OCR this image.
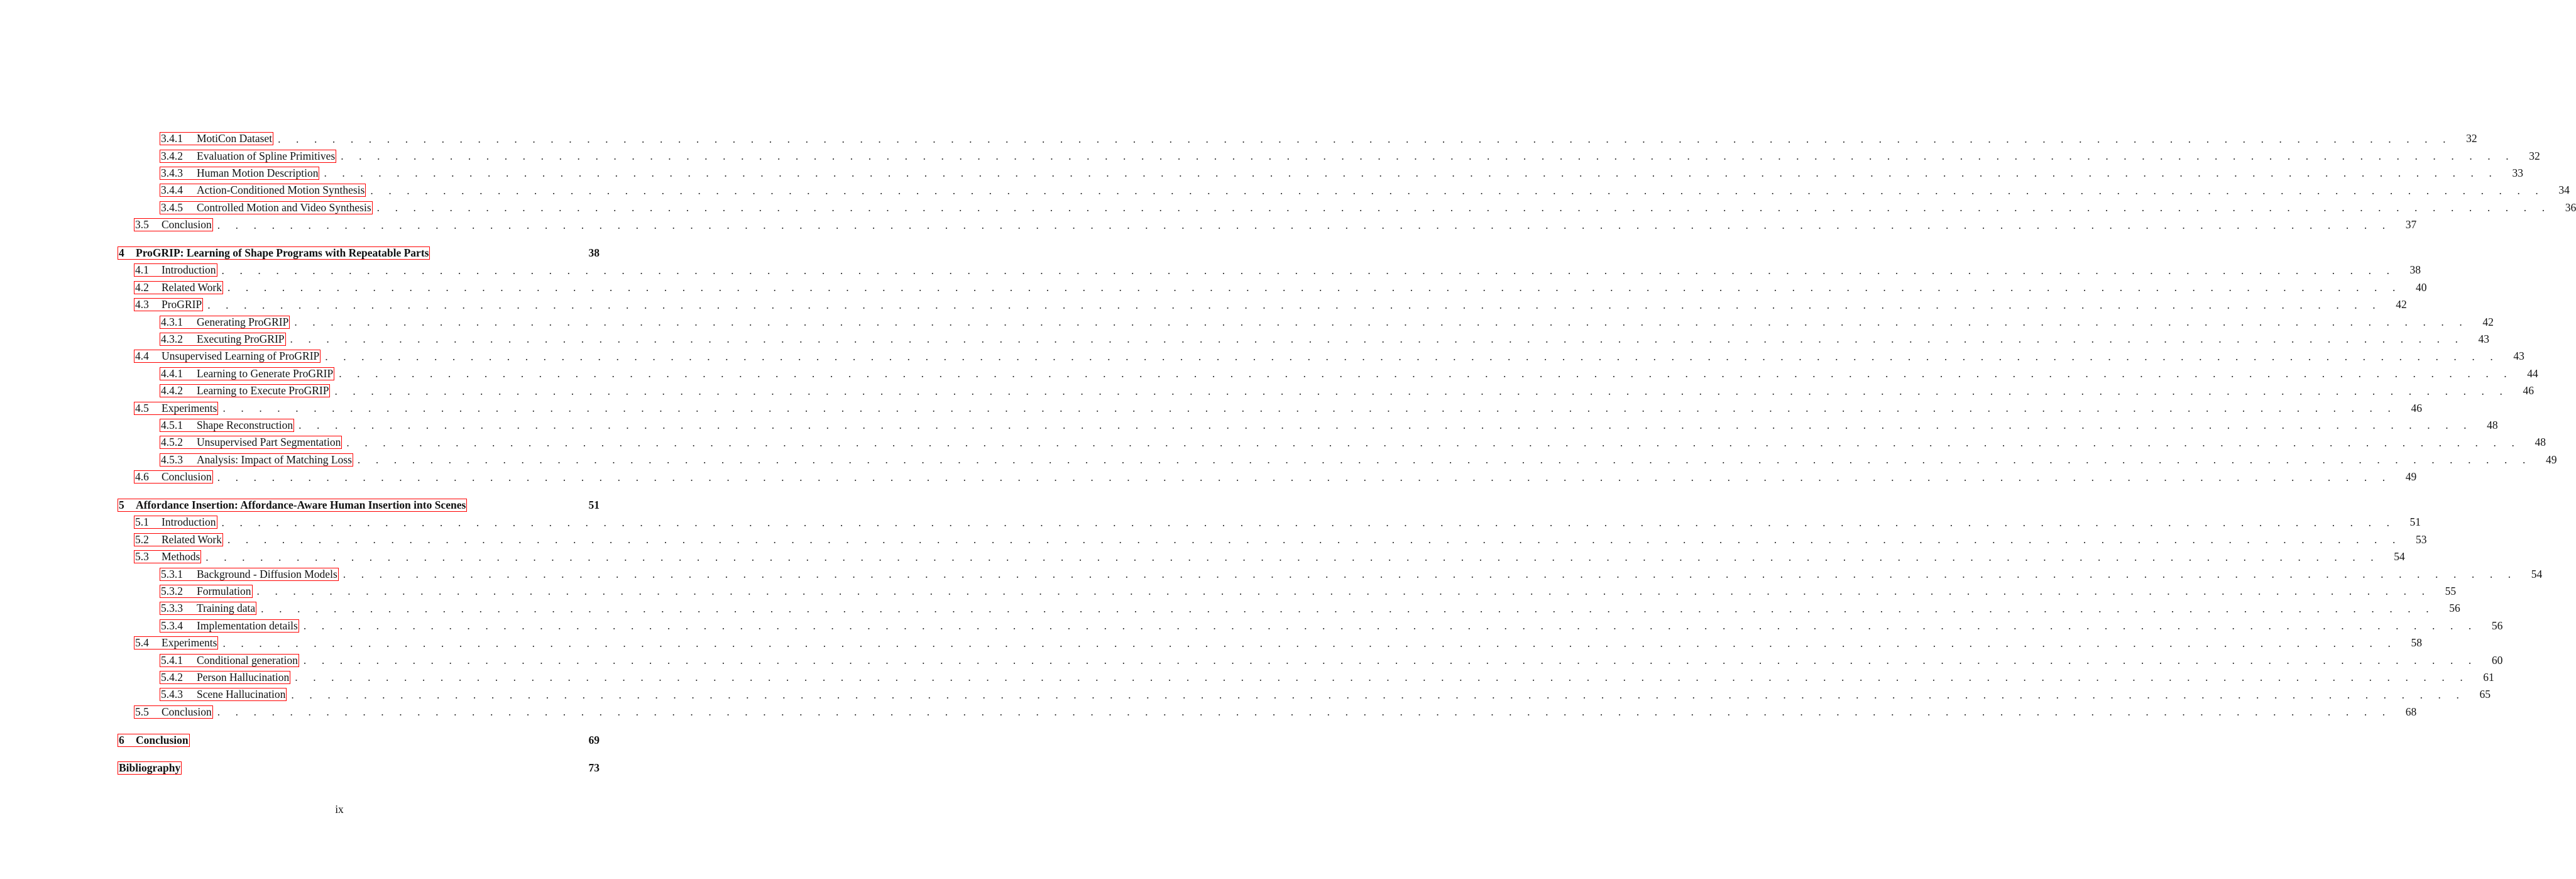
3.4.1	MotiCon Dataset . . . . . . . . . . . . . . . . . . . . . . . . . . . . . . . . . . . . . . . . . . . . . . . . . . . . . . . . . . . . . . . . . . . . . . . . . . . . . . . . . . . . . . . . . . . . . . . . . . . . . . . . . . . . . . . . . . . . . . . .	32
3.4.2	Evaluation of Spline Primitives . . . . . . . . . . . . . . . . . . . . . . . . . . . . . . . . . . . . . . . . . . . . . . . . . . . . . . . . . . . . . . . . . . . . . . . . . . . . . . . . . . . . . . . . . . . . . . . . . . . . . . . . . . . . . . . . . . . . . . . .	32
3.4.3	Human Motion Description . . . . . . . . . . . . . . . . . . . . . . . . . . . . . . . . . . . . . . . . . . . . . . . . . . . . . . . . . . . . . . . . . . . . . . . . . . . . . . . . . . . . . . . . . . . . . . . . . . . . . . . . . . . . . . . . . . . . . . . .	33
3.4.4	Action-Conditioned Motion Synthesis . . . . . . . . . . . . . . . . . . . . . . . . . . . . . . . . . . . . . . . . . . . . . . . . . . . . . . . . . . . . . . . . . . . . . . . . . . . . . . . . . . . . . . . . . . . . . . . . . . . . . . . . . . . . . . . . . . . . . . . .	34
3.4.5	Controlled Motion and Video Synthesis . . . . . . . . . . . . . . . . . . . . . . . . . . . . . . . . . . . . . . . . . . . . . . . . . . . . . . . . . . . . . . . . . . . . . . . . . . . . . . . . . . . . . . . . . . . . . . . . . . . . . . . . . . . . . . . . . . . . . . . .	36
3.5	Conclusion . . . . . . . . . . . . . . . . . . . . . . . . . . . . . . . . . . . . . . . . . . . . . . . . . . . . . . . . . . . . . . . . . . . . . . . . . . . . . . . . . . . . . . . . . . . . . . . . . . . . . . . . . . . . . . . . . . . . . . . .	37
4	ProGRIP: Learning of Shape Programs with Repeatable Parts	38
4.1	Introduction . . . . . . . . . . . . . . . . . . . . . . . . . . . . . . . . . . . . . . . . . . . . . . . . . . . . . . . . . . . . . . . . . . . . . . . . . . . . . . . . . . . . . . . . . . . . . . . . . . . . . . . . . . . . . . . . . . . . . . . .	38
4.2	Related Work . . . . . . . . . . . . . . . . . . . . . . . . . . . . . . . . . . . . . . . . . . . . . . . . . . . . . . . . . . . . . . . . . . . . . . . . . . . . . . . . . . . . . . . . . . . . . . . . . . . . . . . . . . . . . . . . . . . . . . . .	40
4.3	ProGRIP . . . . . . . . . . . . . . . . . . . . . . . . . . . . . . . . . . . . . . . . . . . . . . . . . . . . . . . . . . . . . . . . . . . . . . . . . . . . . . . . . . . . . . . . . . . . . . . . . . . . . . . . . . . . . . . . . . . . . . . .	42
4.3.1	Generating ProGRIP . . . . . . . . . . . . . . . . . . . . . . . . . . . . . . . . . . . . . . . . . . . . . . . . . . . . . . . . . . . . . . . . . . . . . . . . . . . . . . . . . . . . . . . . . . . . . . . . . . . . . . . . . . . . . . . . . . . . . . . .	42
4.3.2	Executing ProGRIP . . . . . . . . . . . . . . . . . . . . . . . . . . . . . . . . . . . . . . . . . . . . . . . . . . . . . . . . . . . . . . . . . . . . . . . . . . . . . . . . . . . . . . . . . . . . . . . . . . . . . . . . . . . . . . . . . . . . . . . .	43
4.4	Unsupervised Learning of ProGRIP . . . . . . . . . . . . . . . . . . . . . . . . . . . . . . . . . . . . . . . . . . . . . . . . . . . . . . . . . . . . . . . . . . . . . . . . . . . . . . . . . . . . . . . . . . . . . . . . . . . . . . . . . . . . . . . . . . . . . . . .	43
4.4.1	Learning to Generate ProGRIP . . . . . . . . . . . . . . . . . . . . . . . . . . . . . . . . . . . . . . . . . . . . . . . . . . . . . . . . . . . . . . . . . . . . . . . . . . . . . . . . . . . . . . . . . . . . . . . . . . . . . . . . . . . . . . . . . . . . . . . .	44
4.4.2	Learning to Execute ProGRIP . . . . . . . . . . . . . . . . . . . . . . . . . . . . . . . . . . . . . . . . . . . . . . . . . . . . . . . . . . . . . . . . . . . . . . . . . . . . . . . . . . . . . . . . . . . . . . . . . . . . . . . . . . . . . . . . . . . . . . . .	46
4.5	Experiments . . . . . . . . . . . . . . . . . . . . . . . . . . . . . . . . . . . . . . . . . . . . . . . . . . . . . . . . . . . . . . . . . . . . . . . . . . . . . . . . . . . . . . . . . . . . . . . . . . . . . . . . . . . . . . . . . . . . . . . .	46
4.5.1	Shape Reconstruction . . . . . . . . . . . . . . . . . . . . . . . . . . . . . . . . . . . . . . . . . . . . . . . . . . . . . . . . . . . . . . . . . . . . . . . . . . . . . . . . . . . . . . . . . . . . . . . . . . . . . . . . . . . . . . . . . . . . . . . .	48
4.5.2	Unsupervised Part Segmentation . . . . . . . . . . . . . . . . . . . . . . . . . . . . . . . . . . . . . . . . . . . . . . . . . . . . . . . . . . . . . . . . . . . . . . . . . . . . . . . . . . . . . . . . . . . . . . . . . . . . . . . . . . . . . . . . . . . . . . . .	48
4.5.3	Analysis: Impact of Matching Loss . . . . . . . . . . . . . . . . . . . . . . . . . . . . . . . . . . . . . . . . . . . . . . . . . . . . . . . . . . . . . . . . . . . . . . . . . . . . . . . . . . . . . . . . . . . . . . . . . . . . . . . . . . . . . . . . . . . . . . . .	49
4.6	Conclusion . . . . . . . . . . . . . . . . . . . . . . . . . . . . . . . . . . . . . . . . . . . . . . . . . . . . . . . . . . . . . . . . . . . . . . . . . . . . . . . . . . . . . . . . . . . . . . . . . . . . . . . . . . . . . . . . . . . . . . . .	49
5	Affordance Insertion: Affordance-Aware Human Insertion into Scenes	51
5.1	Introduction . . . . . . . . . . . . . . . . . . . . . . . . . . . . . . . . . . . . . . . . . . . . . . . . . . . . . . . . . . . . . . . . . . . . . . . . . . . . . . . . . . . . . . . . . . . . . . . . . . . . . . . . . . . . . . . . . . . . . . . .	51
5.2	Related Work . . . . . . . . . . . . . . . . . . . . . . . . . . . . . . . . . . . . . . . . . . . . . . . . . . . . . . . . . . . . . . . . . . . . . . . . . . . . . . . . . . . . . . . . . . . . . . . . . . . . . . . . . . . . . . . . . . . . . . . .	53
5.3	Methods . . . . . . . . . . . . . . . . . . . . . . . . . . . . . . . . . . . . . . . . . . . . . . . . . . . . . . . . . . . . . . . . . . . . . . . . . . . . . . . . . . . . . . . . . . . . . . . . . . . . . . . . . . . . . . . . . . . . . . . .	54
5.3.1	Background - Diffusion Models . . . . . . . . . . . . . . . . . . . . . . . . . . . . . . . . . . . . . . . . . . . . . . . . . . . . . . . . . . . . . . . . . . . . . . . . . . . . . . . . . . . . . . . . . . . . . . . . . . . . . . . . . . . . . . . . . . . . . . . .	54
5.3.2	Formulation . . . . . . . . . . . . . . . . . . . . . . . . . . . . . . . . . . . . . . . . . . . . . . . . . . . . . . . . . . . . . . . . . . . . . . . . . . . . . . . . . . . . . . . . . . . . . . . . . . . . . . . . . . . . . . . . . . . . . . . .	55
5.3.3	Training data . . . . . . . . . . . . . . . . . . . . . . . . . . . . . . . . . . . . . . . . . . . . . . . . . . . . . . . . . . . . . . . . . . . . . . . . . . . . . . . . . . . . . . . . . . . . . . . . . . . . . . . . . . . . . . . . . . . . . . . .	56
5.3.4	Implementation details . . . . . . . . . . . . . . . . . . . . . . . . . . . . . . . . . . . . . . . . . . . . . . . . . . . . . . . . . . . . . . . . . . . . . . . . . . . . . . . . . . . . . . . . . . . . . . . . . . . . . . . . . . . . . . . . . . . . . . . .	56
5.4	Experiments . . . . . . . . . . . . . . . . . . . . . . . . . . . . . . . . . . . . . . . . . . . . . . . . . . . . . . . . . . . . . . . . . . . . . . . . . . . . . . . . . . . . . . . . . . . . . . . . . . . . . . . . . . . . . . . . . . . . . . . .	58
5.4.1	Conditional generation . . . . . . . . . . . . . . . . . . . . . . . . . . . . . . . . . . . . . . . . . . . . . . . . . . . . . . . . . . . . . . . . . . . . . . . . . . . . . . . . . . . . . . . . . . . . . . . . . . . . . . . . . . . . . . . . . . . . . . . .	60
5.4.2	Person Hallucination . . . . . . . . . . . . . . . . . . . . . . . . . . . . . . . . . . . . . . . . . . . . . . . . . . . . . . . . . . . . . . . . . . . . . . . . . . . . . . . . . . . . . . . . . . . . . . . . . . . . . . . . . . . . . . . . . . . . . . . .	61
5.4.3	Scene Hallucination . . . . . . . . . . . . . . . . . . . . . . . . . . . . . . . . . . . . . . . . . . . . . . . . . . . . . . . . . . . . . . . . . . . . . . . . . . . . . . . . . . . . . . . . . . . . . . . . . . . . . . . . . . . . . . . . . . . . . . . .	65
5.5	Conclusion . . . . . . . . . . . . . . . . . . . . . . . . . . . . . . . . . . . . . . . . . . . . . . . . . . . . . . . . . . . . . . . . . . . . . . . . . . . . . . . . . . . . . . . . . . . . . . . . . . . . . . . . . . . . . . . . . . . . . . . .	68
6	Conclusion	69
Bibliography	73
ix
